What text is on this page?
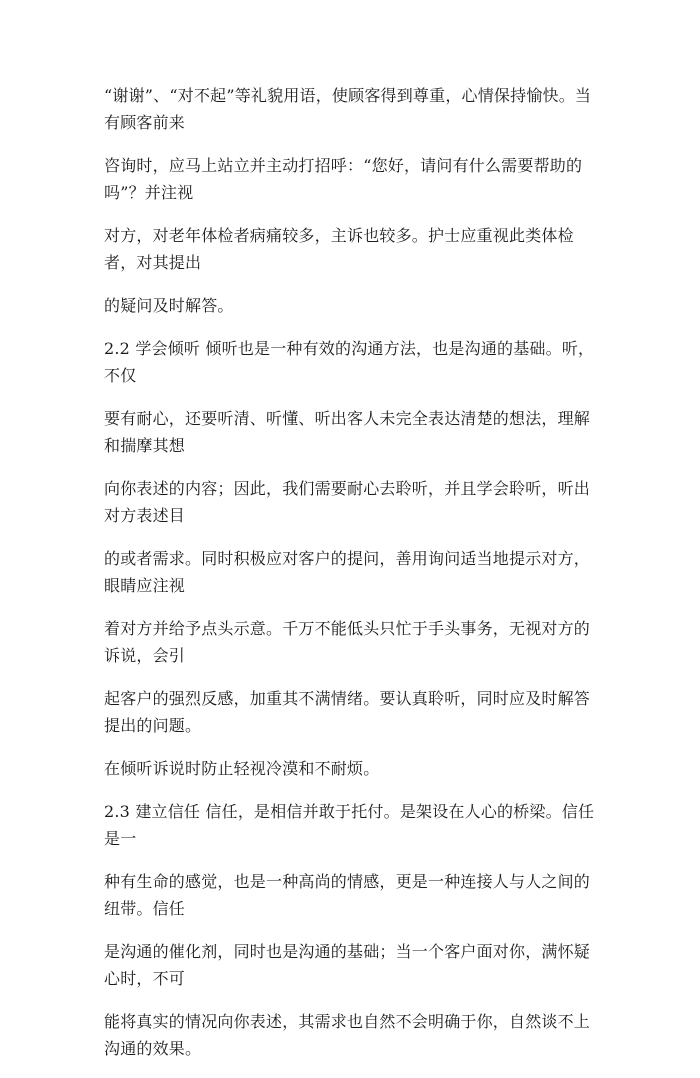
“谢谢”、“对不起”等礼貌用语，使顾客得到尊重，心情保持愉快。当有顾客前来

咨询时，应马上站立并主动打招呼：“您好，请问有什么需要帮助的吗”？并注视

对方，对老年体检者病痛较多，主诉也较多。护士应重视此类体检者，对其提出

的疑问及时解答。

2.2 学会倾听 倾听也是一种有效的沟通方法，也是沟通的基础。听，不仅

要有耐心，还要听清、听懂、听出客人未完全表达清楚的想法，理解和揣摩其想

向你表述的内容；因此，我们需要耐心去聆听，并且学会聆听，听出对方表述目

的或者需求。同时积极应对客户的提问，善用询问适当地提示对方，眼睛应注视

着对方并给予点头示意。千万不能低头只忙于手头事务，无视对方的诉说，会引

起客户的强烈反感，加重其不满情绪。要认真聆听，同时应及时解答提出的问题。

在倾听诉说时防止轻视冷漠和不耐烦。

2.3 建立信任 信任，是相信并敢于托付。是架设在人心的桥梁。信任是一

种有生命的感觉，也是一种高尚的情感，更是一种连接人与人之间的纽带。信任

是沟通的催化剂，同时也是沟通的基础；当一个客户面对你，满怀疑心时，不可

能将真实的情况向你表述，其需求也自然不会明确于你，自然谈不上沟通的效果。
